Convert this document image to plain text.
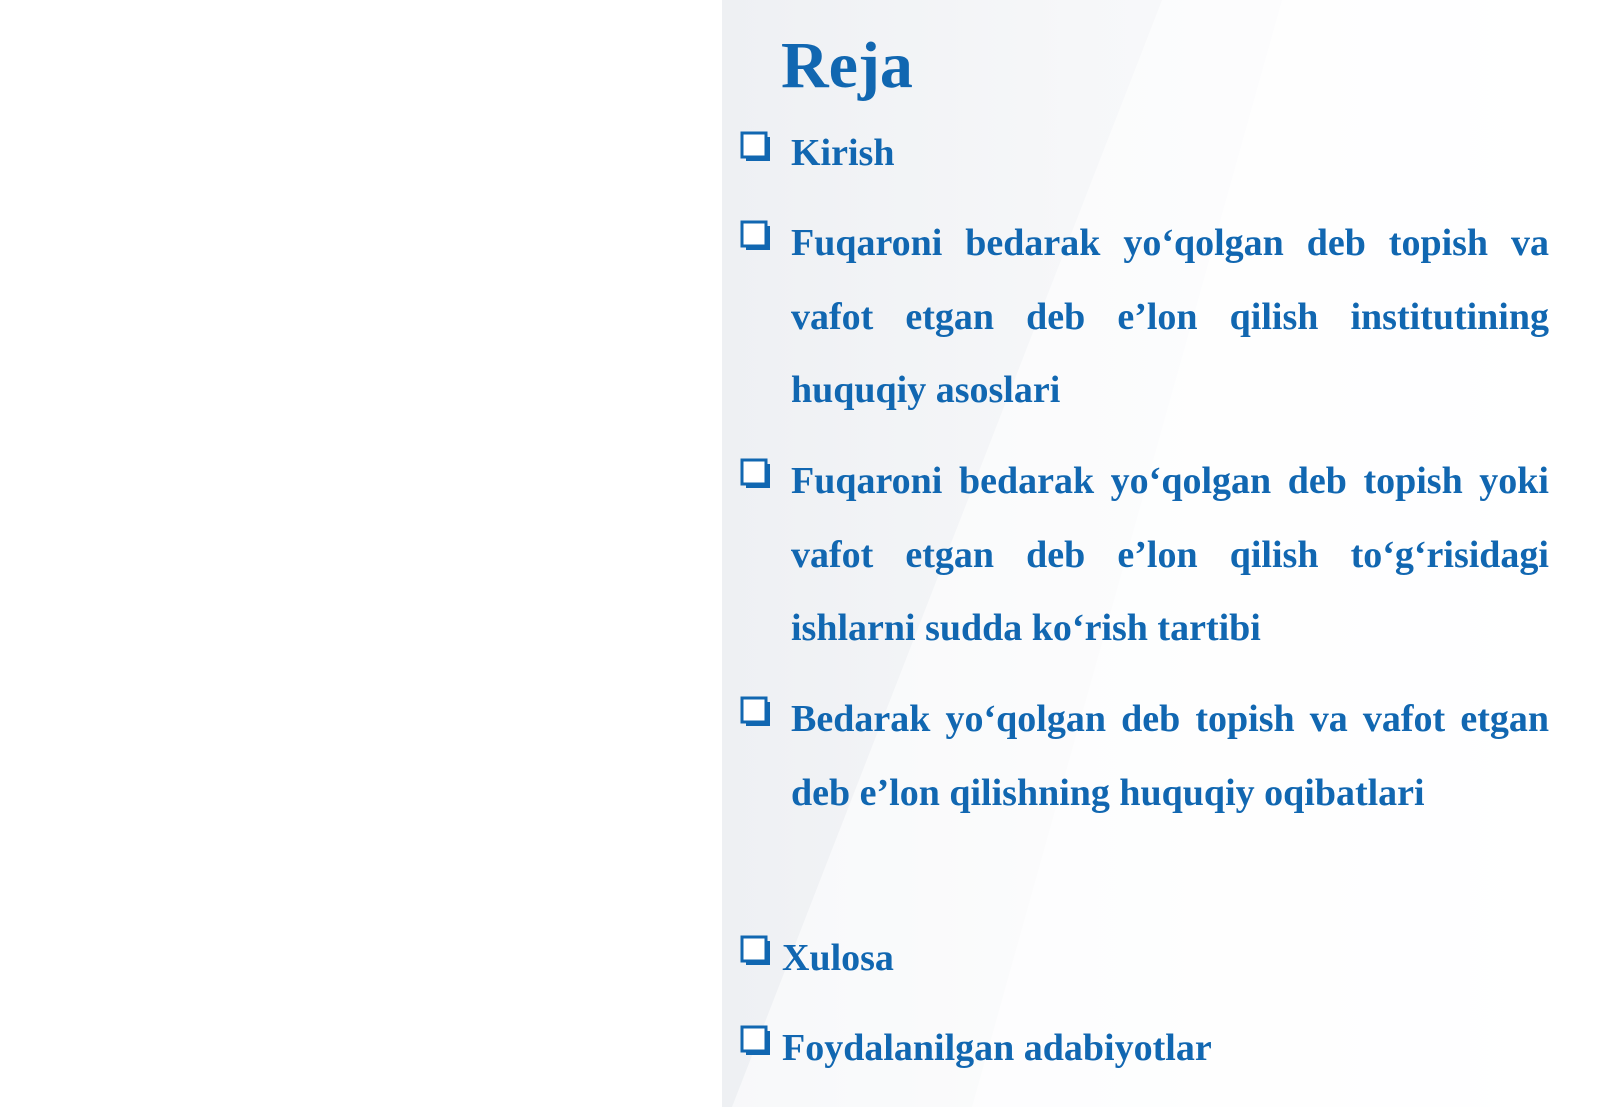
Reja

Kirish

Fuqaroni bedarak yo‘qolgan deb topish va vafot etgan deb e’lon qilish institutining huquqiy asoslari

Fuqaroni bedarak yo‘qolgan deb topish yoki vafot etgan deb e’lon qilish to‘g‘risidagi ishlarni sudda ko‘rish tartibi

Bedarak yo‘qolgan deb topish va vafot etgan deb e’lon qilishning huquqiy oqibatlari

Xulosa

Foydalanilgan adabiyotlar
